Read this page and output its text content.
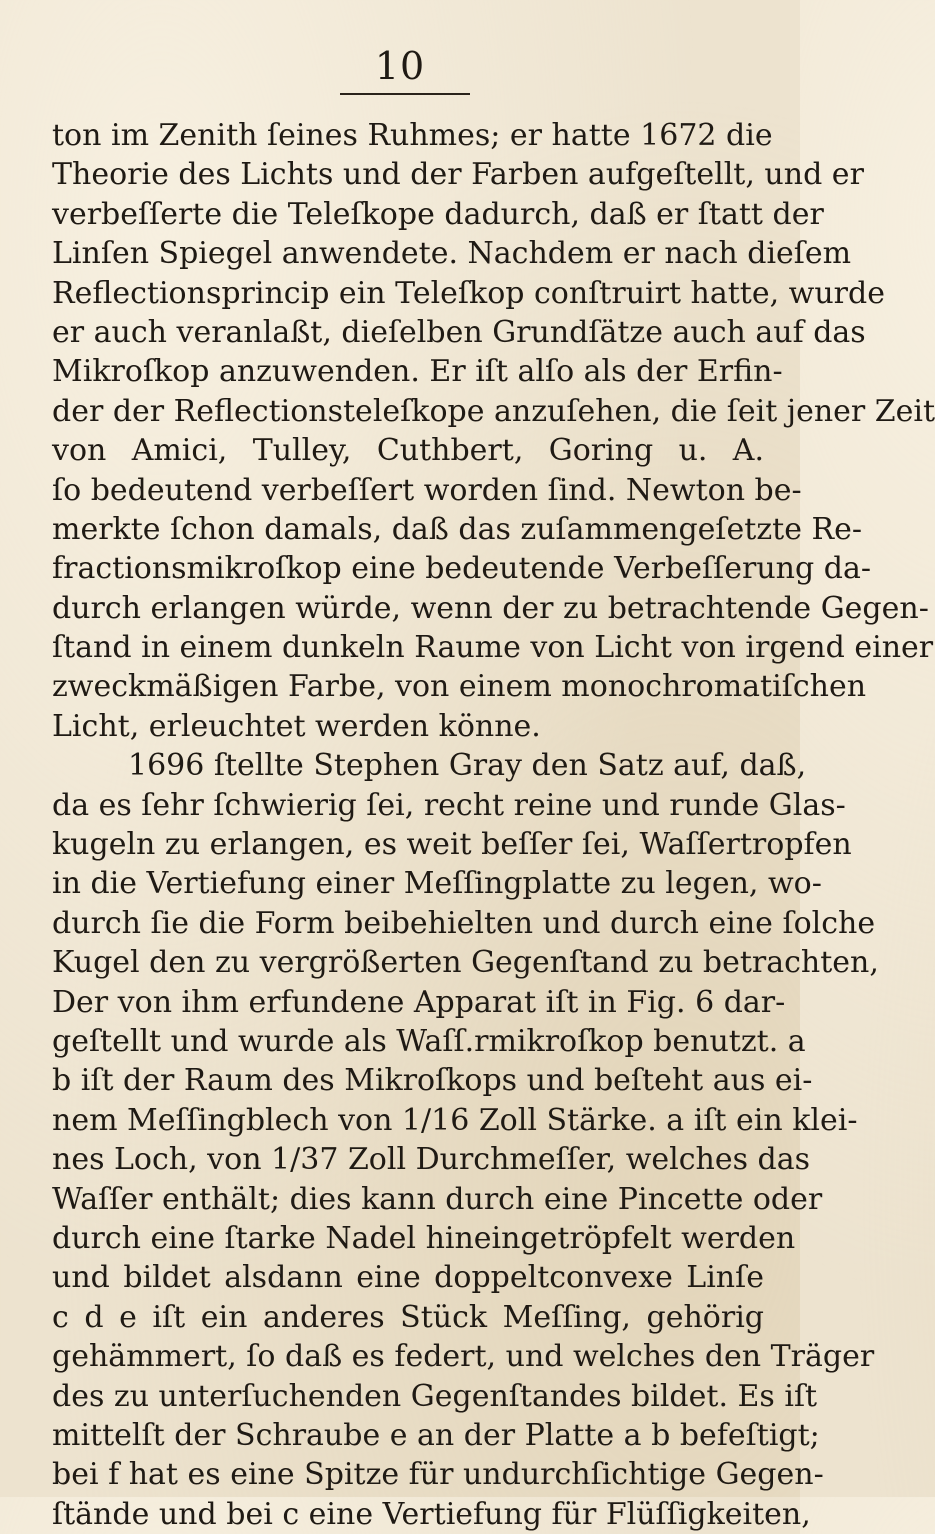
10
ton im Zenith ſeines Ruhmes; er hatte 1672 die
Theorie des Lichts und der Farben aufgeſtellt, und er
verbeſſerte die Teleſkope dadurch, daß er ſtatt der
Linſen Spiegel anwendete. Nachdem er nach dieſem
Reflectionsprincip ein Teleſkop conſtruirt hatte, wurde
er auch veranlaßt, dieſelben Grundſätze auch auf das
Mikroſkop anzuwenden. Er iſt alſo als der Erfin-
der der Reflectionsteleſkope anzuſehen, die ſeit jener Zeit
von Amici, Tulley, Cuthbert, Goring u. A.
ſo bedeutend verbeſſert worden ſind. Newton be-
merkte ſchon damals, daß das zuſammengeſetzte Re-
fractionsmikroſkop eine bedeutende Verbeſſerung da-
durch erlangen würde, wenn der zu betrachtende Gegen-
ſtand in einem dunkeln Raume von Licht von irgend einer
zweckmäßigen Farbe, von einem monochromatiſchen
Licht, erleuchtet werden könne.
1696 ſtellte Stephen Gray den Satz auf, daß,
da es ſehr ſchwierig ſei, recht reine und runde Glas-
kugeln zu erlangen, es weit beſſer ſei, Waſſertropfen
in die Vertiefung einer Meſſingplatte zu legen, wo-
durch ſie die Form beibehielten und durch eine ſolche
Kugel den zu vergrößerten Gegenſtand zu betrachten,
Der von ihm erfundene Apparat iſt in Fig. 6 dar-
geſtellt und wurde als Waſſ.rmikroſkop benutzt. a
b iſt der Raum des Mikroſkops und beſteht aus ei-
nem Meſſingblech von 1/16 Zoll Stärke. a iſt ein klei-
nes Loch, von 1/37 Zoll Durchmeſſer, welches das
Waſſer enthält; dies kann durch eine Pincette oder
durch eine ſtarke Nadel hineingetröpfelt werden
und bildet alsdann eine doppeltconvexe Linſe
c d e iſt ein anderes Stück Meſſing, gehörig
gehämmert, ſo daß es federt, und welches den Träger
des zu unterſuchenden Gegenſtandes bildet. Es iſt
mittelſt der Schraube e an der Platte a b befeſtigt;
bei f hat es eine Spitze für undurchſichtige Gegen-
ſtände und bei c eine Vertiefung für Flüſſigkeiten,
